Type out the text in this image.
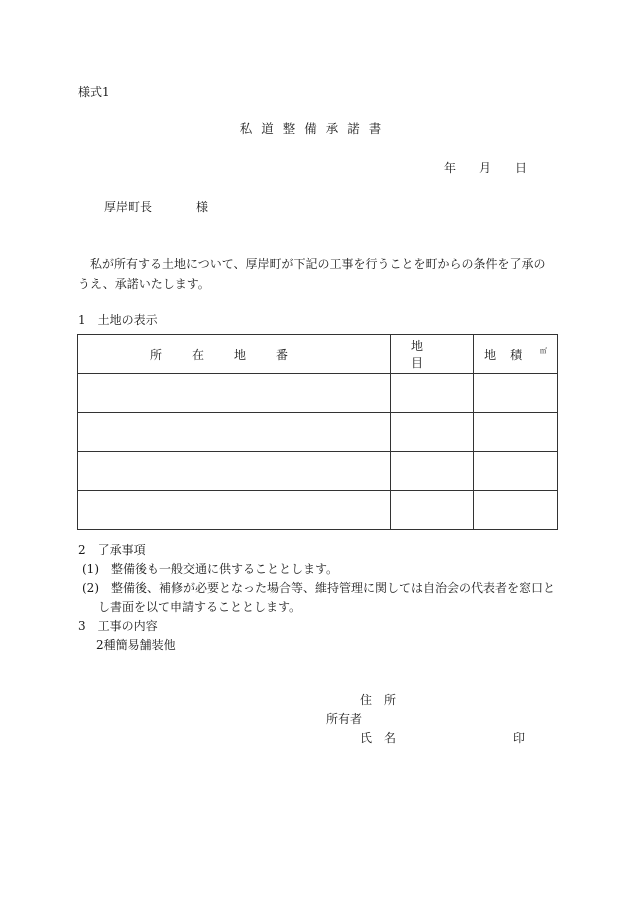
様式1
私道整備承諾書
年 月 日
厚岸町長	様
私が所有する土地について、厚岸町が下記の工事を行うことを町からの条件を了承のうえ、承諾いたします。
1　土地の表示
所在地番	地目	地積 ㎡

2　了承事項
(1)　整備後も一般交通に供することとします。
(2)　整備後、補修が必要となった場合等、維持管理に関しては自治会の代表者を窓口と
し書面を以て申請することとします。
3　工事の内容
2種簡易舗装他
住所
所有者
氏名	印
